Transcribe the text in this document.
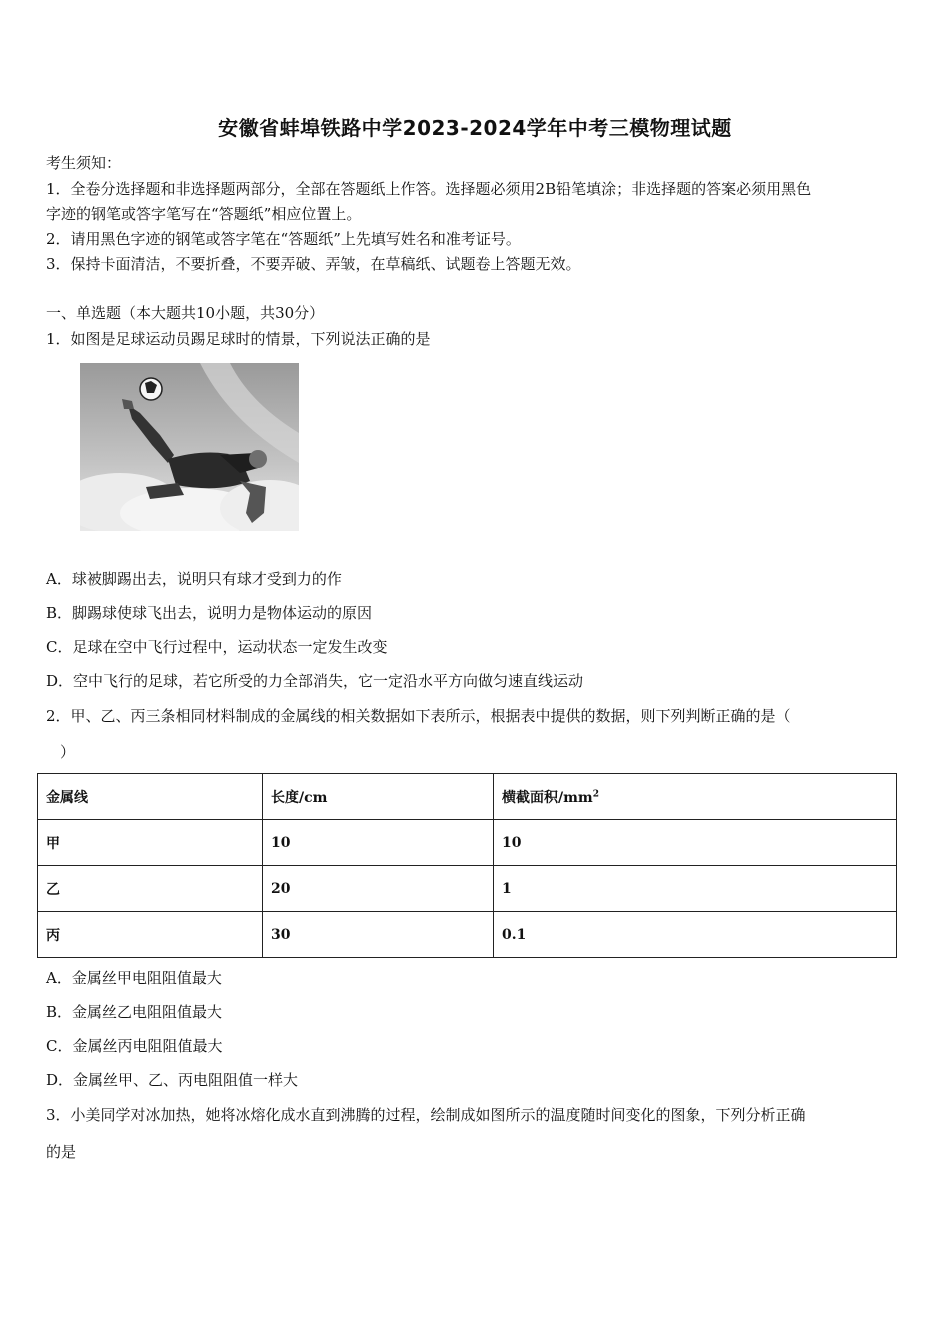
安徽省蚌埠铁路中学2023-2024学年中考三模物理试题
考生须知：
1．全卷分选择题和非选择题两部分，全部在答题纸上作答。选择题必须用2B铅笔填涂；非选择题的答案必须用黑色
字迹的钢笔或答字笔写在“答题纸”相应位置上。
2．请用黑色字迹的钢笔或答字笔在“答题纸”上先填写姓名和准考证号。
3．保持卡面清洁，不要折叠，不要弄破、弄皱，在草稿纸、试题卷上答题无效。
一、单选题（本大题共10小题，共30分）
1．如图是足球运动员踢足球时的情景，下列说法正确的是
A．球被脚踢出去，说明只有球才受到力的作
B．脚踢球使球飞出去，说明力是物体运动的原因
C．足球在空中飞行过程中，运动状态一定发生改变
D．空中飞行的足球，若它所受的力全部消失，它一定沿水平方向做匀速直线运动
2．甲、乙、丙三条相同材料制成的金属线的相关数据如下表所示，根据表中提供的数据，则下列判断正确的是（
）
金属线	长度/cm	横截面积$/mm^2$
甲	10	10
乙	20	1
丙	30	0.1
A．金属丝甲电阻阻值最大
B．金属丝乙电阻阻值最大
C．金属丝丙电阻阻值最大
D．金属丝甲、乙、丙电阻阻值一样大
3．小美同学对冰加热，她将冰熔化成水直到沸腾的过程，绘制成如图所示的温度随时间变化的图象，下列分析正确
的是
